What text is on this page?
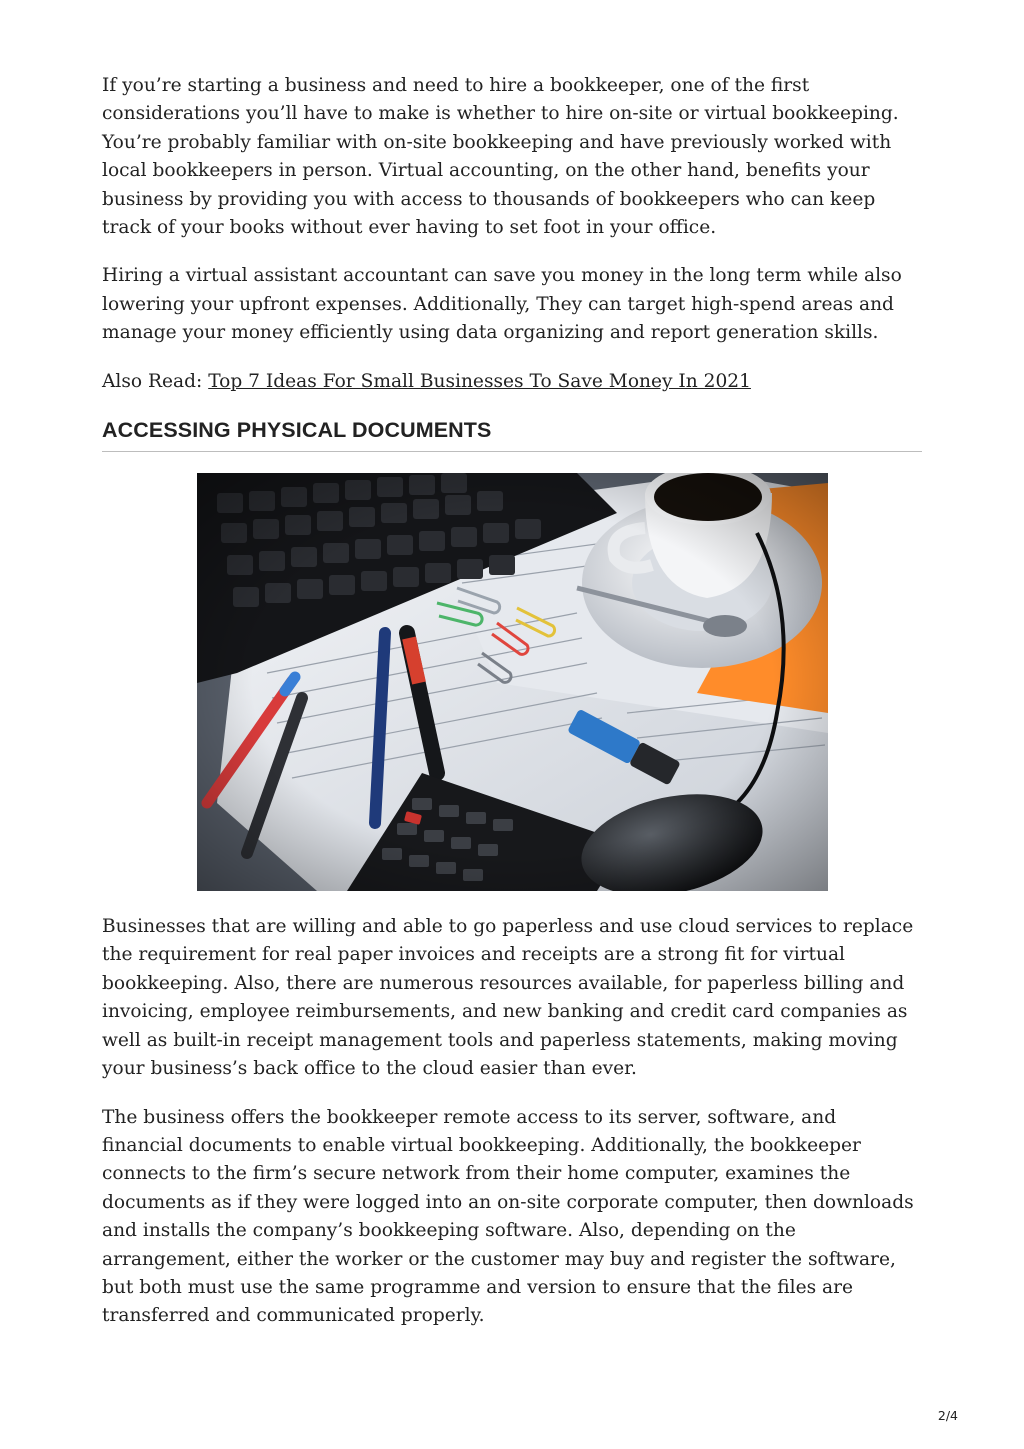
If you’re starting a business and need to hire a bookkeeper, one of the first considerations you’ll have to make is whether to hire on-site or virtual bookkeeping. You’re probably familiar with on-site bookkeeping and have previously worked with local bookkeepers in person. Virtual accounting, on the other hand, benefits your business by providing you with access to thousands of bookkeepers who can keep track of your books without ever having to set foot in your office.

Hiring a virtual assistant accountant can save you money in the long term while also lowering your upfront expenses. Additionally, They can target high-spend areas and manage your money efficiently using data organizing and report generation skills.

Also Read: Top 7 Ideas For Small Businesses To Save Money In 2021

ACCESSING PHYSICAL DOCUMENTS

Businesses that are willing and able to go paperless and use cloud services to replace the requirement for real paper invoices and receipts are a strong fit for virtual bookkeeping. Also, there are numerous resources available, for paperless billing and invoicing, employee reimbursements, and new banking and credit card companies as well as built-in receipt management tools and paperless statements, making moving your business’s back office to the cloud easier than ever.

The business offers the bookkeeper remote access to its server, software, and financial documents to enable virtual bookkeeping. Additionally, the bookkeeper connects to the firm’s secure network from their home computer, examines the documents as if they were logged into an on-site corporate computer, then downloads and installs the company’s bookkeeping software. Also, depending on the arrangement, either the worker or the customer may buy and register the software, but both must use the same programme and version to ensure that the files are transferred and communicated properly.

2/4
